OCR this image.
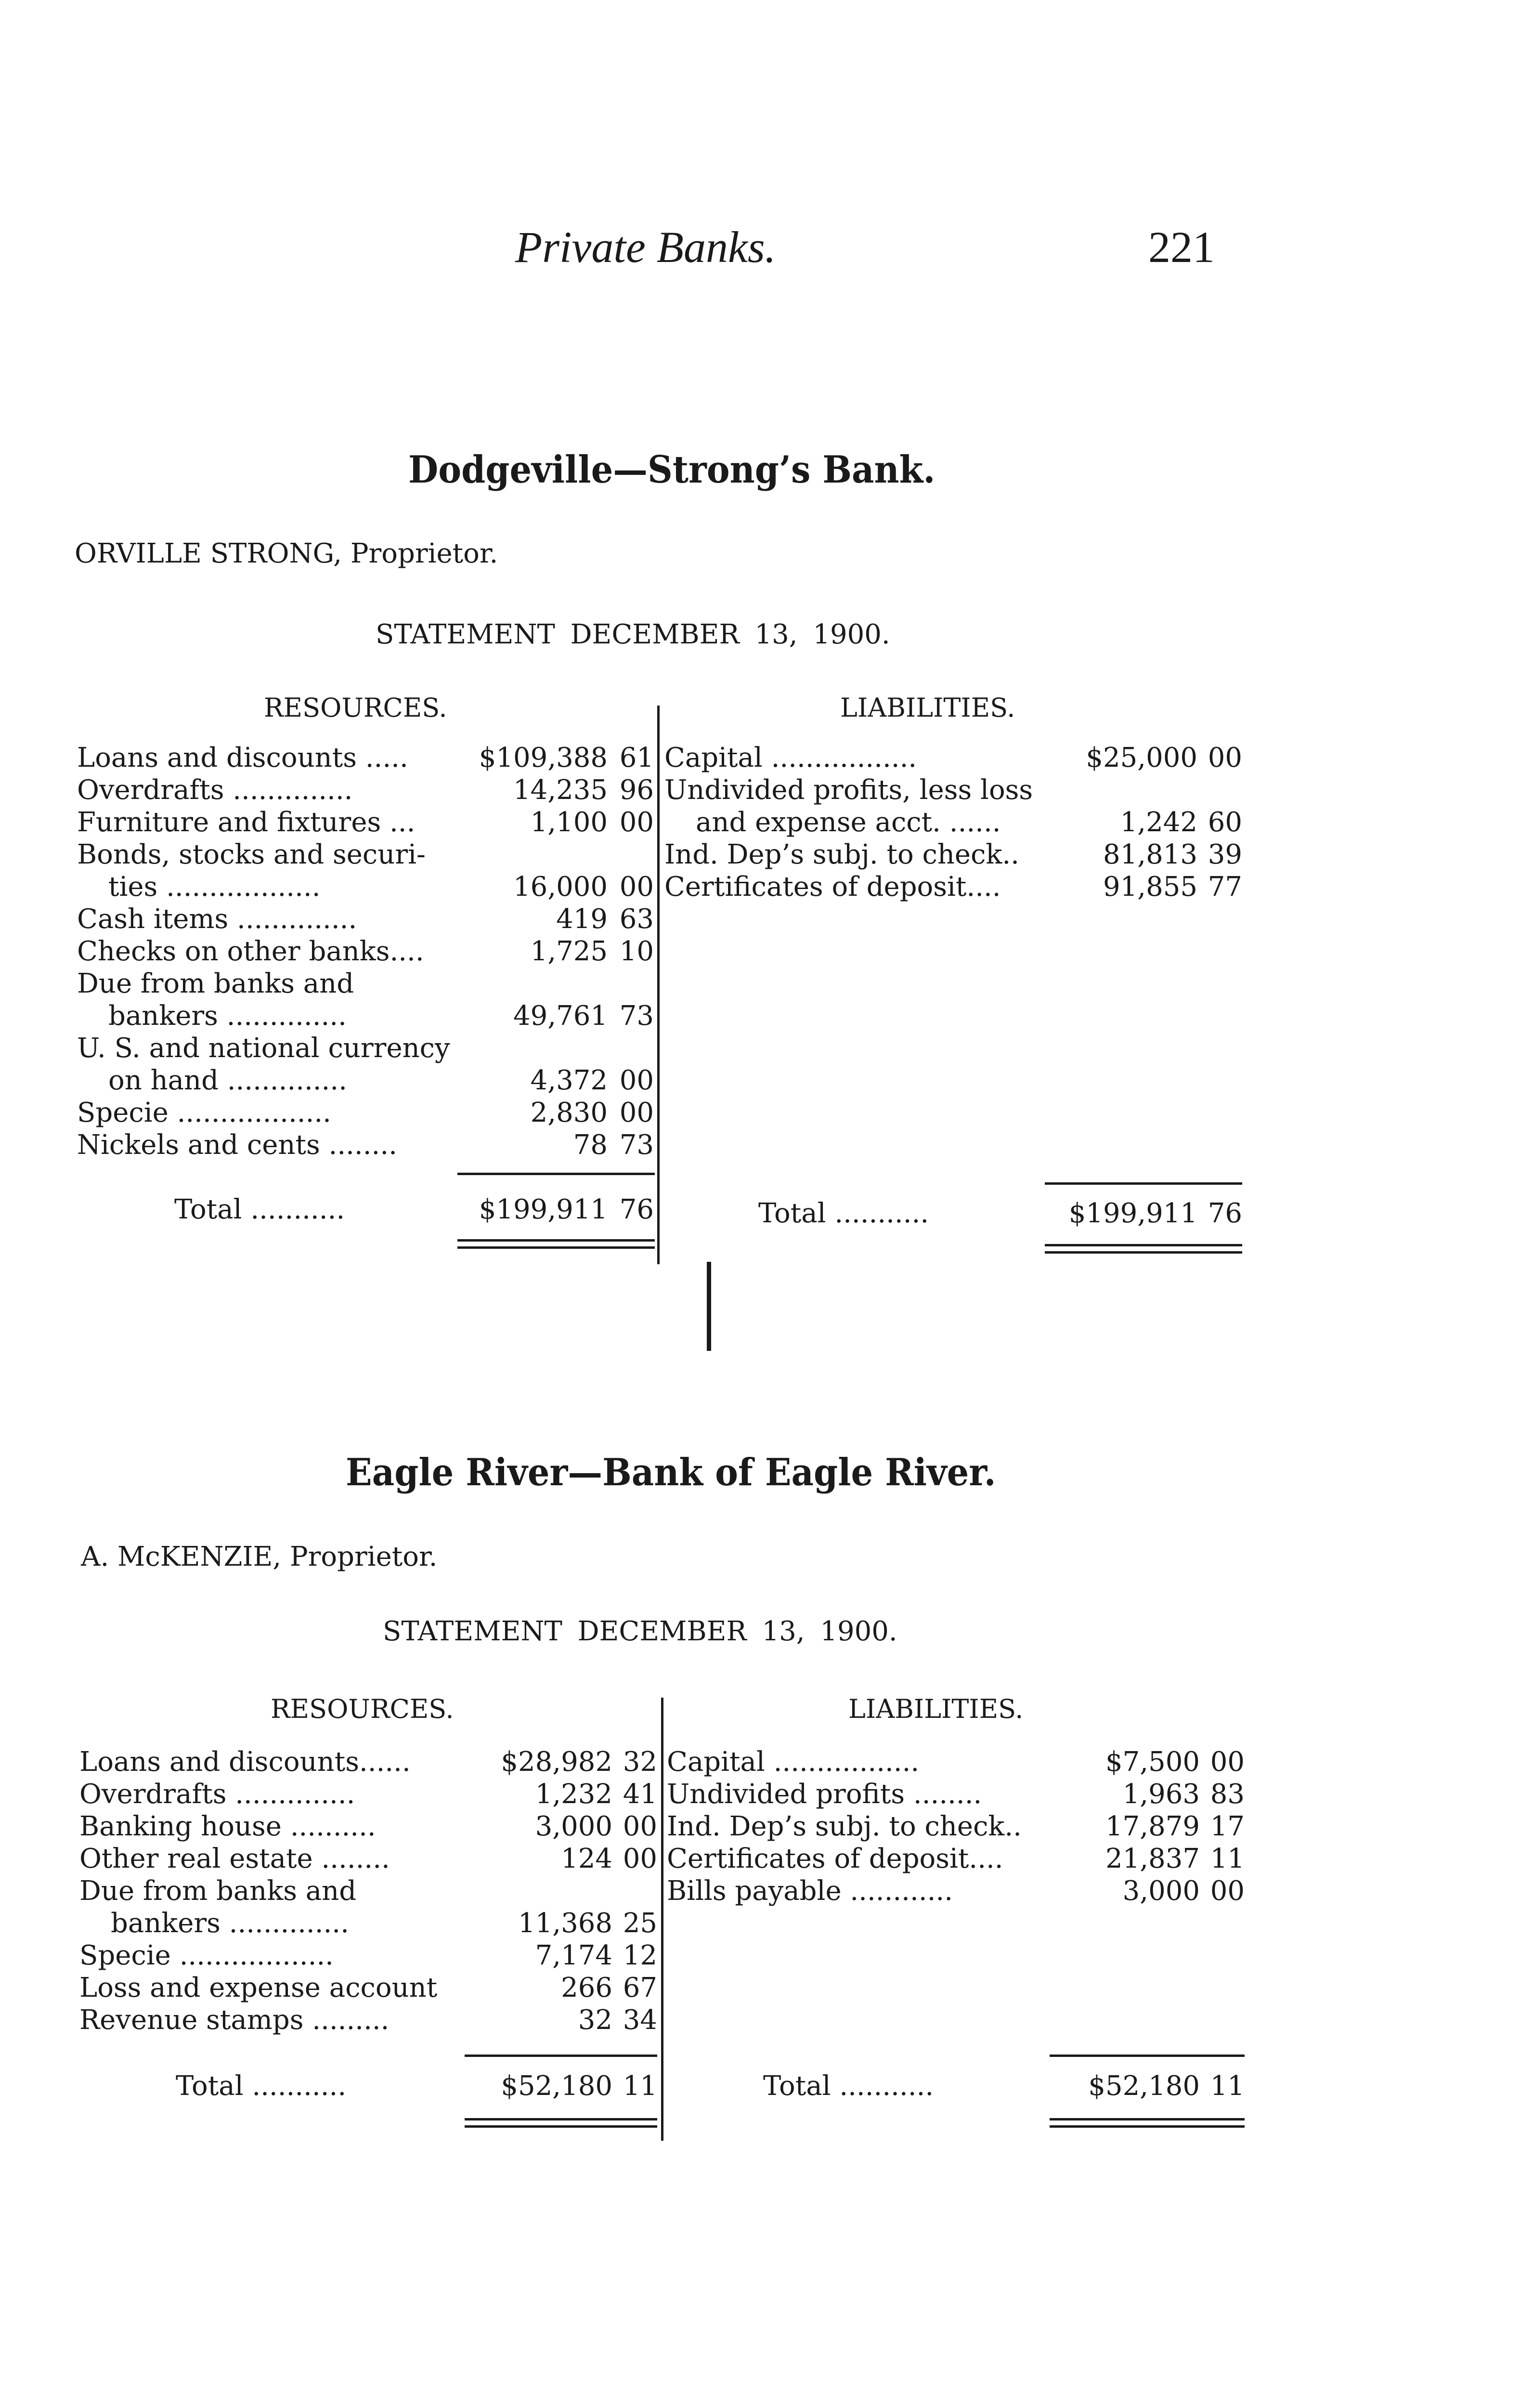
Private Banks.	221
Dodgeville—Strong’s Bank.
ORVILLE STRONG, Proprietor.
STATEMENT DECEMBER 13, 1900.
RESOURCES.	LIABILITIES.
Loans and discounts .....	$109,388 61
Overdrafts ..............	14,235 96
Furniture and fixtures ...	1,100 00
Bonds, stocks and securi-
ties ..................	16,000 00
Cash items ..............	419 63
Checks on other banks....	1,725 10
Due from banks and
bankers ..............	49,761 73
U. S. and national currency
on hand ..............	4,372 00
Specie ..................	2,830 00
Nickels and cents ........	78 73
Capital .................	$25,000 00
Undivided profits, less loss
and expense acct. ......	1,242 60
Ind. Dep’s subj. to check..	81,813 39
Certificates of deposit....	91,855 77
Total ...........	$199,911 76	Total ...........	$199,911 76
Eagle River—Bank of Eagle River.
A. McKENZIE, Proprietor.
STATEMENT DECEMBER 13, 1900.
RESOURCES.	LIABILITIES.
Loans and discounts......	$28,982 32
Overdrafts ..............	1,232 41
Banking house ..........	3,000 00
Other real estate ........	124 00
Due from banks and
bankers ..............	11,368 25
Specie ..................	7,174 12
Loss and expense account	266 67
Revenue stamps .........	32 34
Capital .................	$7,500 00
Undivided profits ........	1,963 83
Ind. Dep’s subj. to check..	17,879 17
Certificates of deposit....	21,837 11
Bills payable ............	3,000 00
Total ...........	$52,180 11	Total ...........	$52,180 11
